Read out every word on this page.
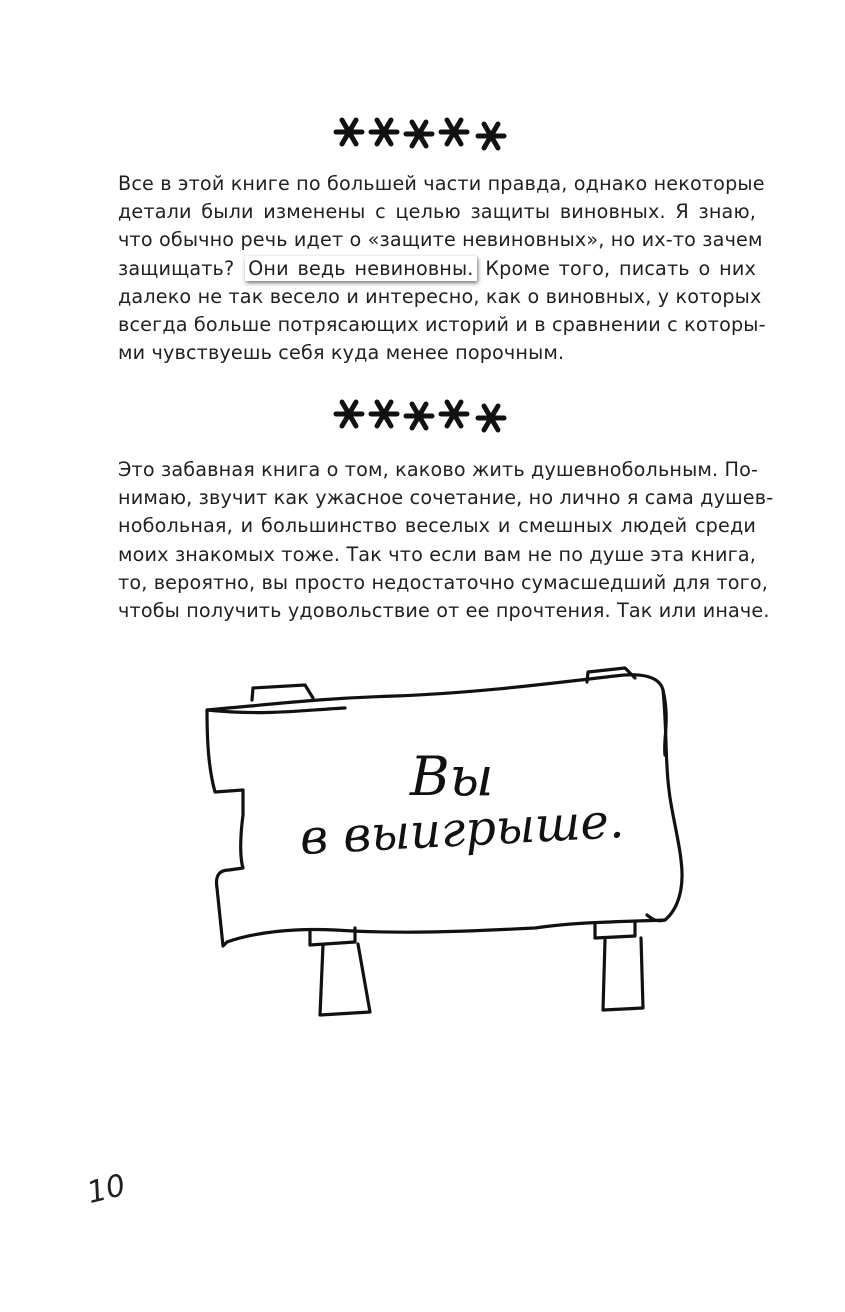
Все в этой книге по большей части правда, однако некоторые
детали были изменены с целью защиты виновных. Я знаю,
что обычно речь идет о «защите невиновных», но их-то зачем
защищать? Они ведь невиновны. Кроме того, писать о них
далеко не так весело и интересно, как о виновных, у которых
всегда больше потрясающих историй и в сравнении с которы-
ми чувствуешь себя куда менее порочным.
Это забавная книга о том, каково жить душевнобольным. По-
нимаю, звучит как ужасное сочетание, но лично я сама душев-
нобольная, и большинство веселых и смешных людей среди
моих знакомых тоже. Так что если вам не по душе эта книга,
то, вероятно, вы просто недостаточно сумасшедший для того,
чтобы получить удовольствие от ее прочтения. Так или иначе.
Вы
в выигрыше.
10
